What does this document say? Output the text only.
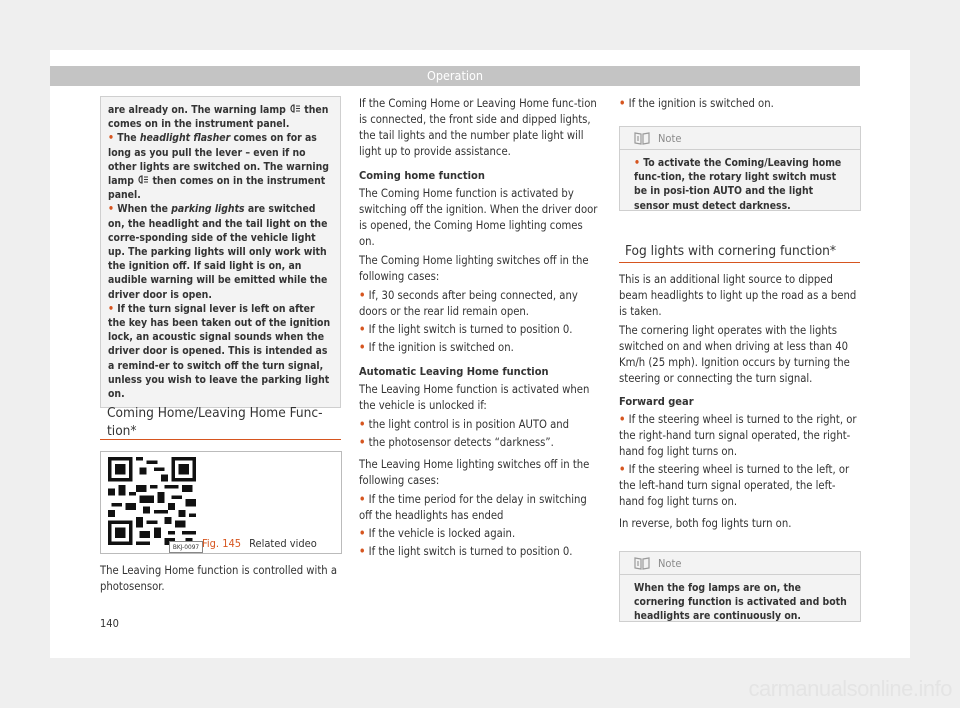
Operation

are already on. The warning lamp  then comes on in the instrument panel.

• The headlight flasher comes on for as long as you pull the lever – even if no other lights are switched on. The warning lamp  then comes on in the instrument panel.

• When the parking lights are switched on, the headlight and the tail light on the corre-sponding side of the vehicle light up. The parking lights will only work with the ignition off. If said light is on, an audible warning will be emitted while the driver door is open.

• If the turn signal lever is left on after the key has been taken out of the ignition lock, an acoustic signal sounds when the driver door is opened. This is intended as a remind-er to switch off the turn signal, unless you wish to leave the parking light on.

Coming Home/Leaving Home Func-
tion*
BKJ-0097 Fig. 145 Related video

The Leaving Home function is controlled with a photosensor.

If the Coming Home or Leaving Home func-tion is connected, the front side and dipped lights, the tail lights and the number plate light will light up to provide assistance.

Coming home function

The Coming Home function is activated by switching off the ignition. When the driver door is opened, the Coming Home lighting comes on.

The Coming Home lighting switches off in the following cases:

• If, 30 seconds after being connected, any doors or the rear lid remain open.

• If the light switch is turned to position 0.

• If the ignition is switched on.

Automatic Leaving Home function

The Leaving Home function is activated when the vehicle is unlocked if:

• the light control is in position AUTO and

• the photosensor detects “darkness”.

The Leaving Home lighting switches off in the following cases:

• If the time period for the delay in switching off the headlights has ended

• If the vehicle is locked again.

• If the light switch is turned to position 0.

• If the ignition is switched on.

Note
• To activate the Coming/Leaving home func-tion, the rotary light switch must be in posi-tion AUTO and the light sensor must detect darkness.
Fog lights with cornering function*

This is an additional light source to dipped beam headlights to light up the road as a bend is taken.

The cornering light operates with the lights switched on and when driving at less than 40 Km/h (25 mph). Ignition occurs by turning the steering or connecting the turn signal.

Forward gear

• If the steering wheel is turned to the right, or the right-hand turn signal operated, the right-hand fog light turns on.

• If the steering wheel is turned to the left, or the left-hand turn signal operated, the left-hand fog light turns on.

In reverse, both fog lights turn on.

Note
When the fog lamps are on, the cornering function is activated and both headlights are continuously on.
140
carmanualsonline.info
